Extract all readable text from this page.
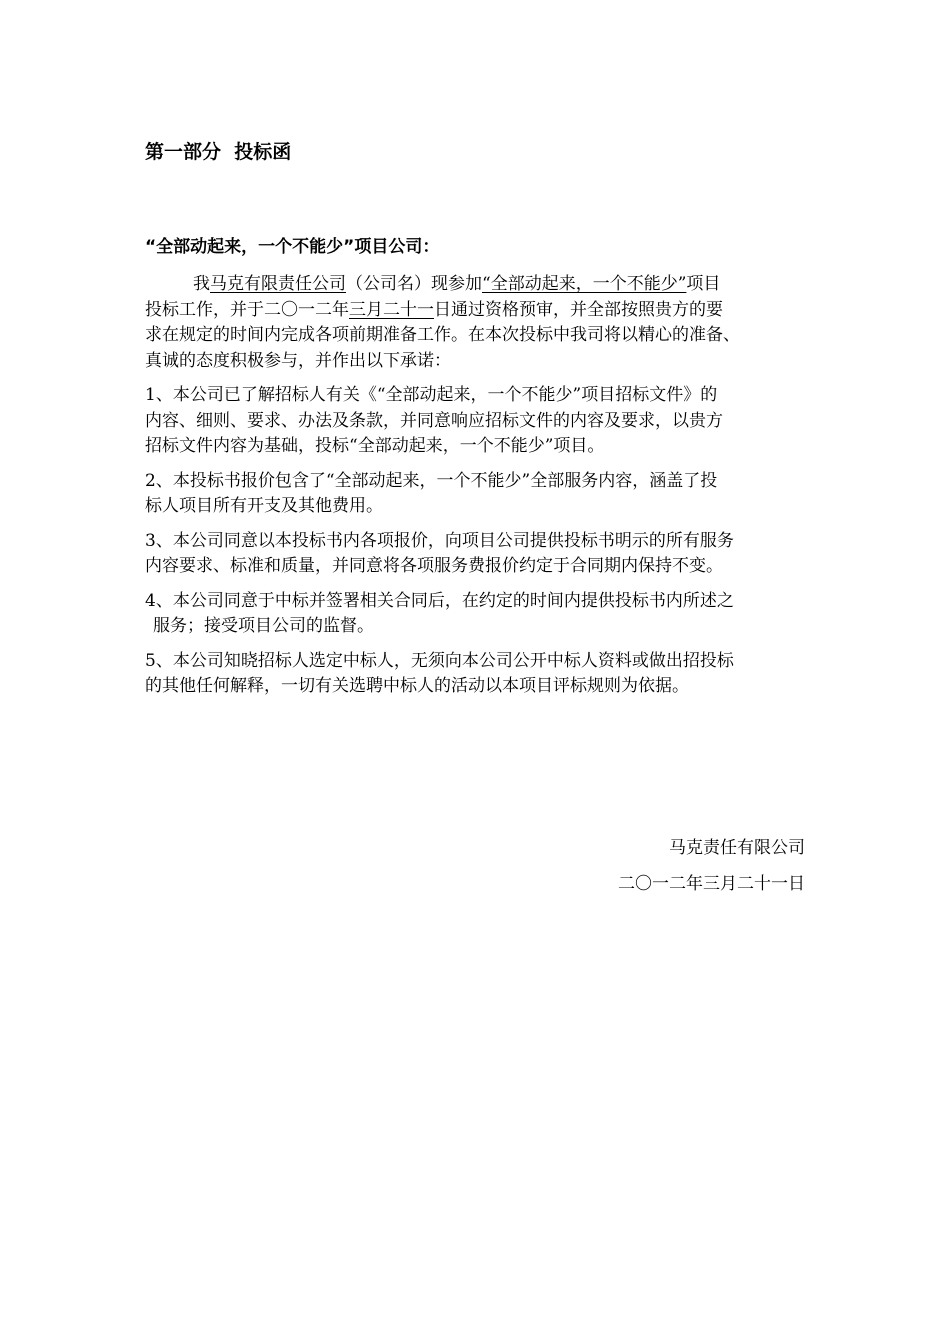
第一部分  投标函

“全部动起来，一个不能少”项目公司：

我马克有限责任公司（公司名）现参加“全部动起来，一个不能少”项目
投标工作，并于二〇一二年三月二十一日通过资格预审，并全部按照贵方的要
求在规定的时间内完成各项前期准备工作。在本次投标中我司将以精心的准备、
真诚的态度积极参与，并作出以下承诺：
1、本公司已了解招标人有关《“全部动起来，一个不能少”项目招标文件》的
内容、细则、要求、办法及条款，并同意响应招标文件的内容及要求，以贵方
招标文件内容为基础，投标“全部动起来，一个不能少”项目。
2、本投标书报价包含了“全部动起来，一个不能少”全部服务内容，涵盖了投
标人项目所有开支及其他费用。
3、本公司同意以本投标书内各项报价，向项目公司提供投标书明示的所有服务
内容要求、标准和质量，并同意将各项服务费报价约定于合同期内保持不变。
4、本公司同意于中标并签署相关合同后，在约定的时间内提供投标书内所述之
服务；接受项目公司的监督。
5、本公司知晓招标人选定中标人，无须向本公司公开中标人资料或做出招投标
的其他任何解释，一切有关选聘中标人的活动以本项目评标规则为依据。
马克责任有限公司
二〇一二年三月二十一日
